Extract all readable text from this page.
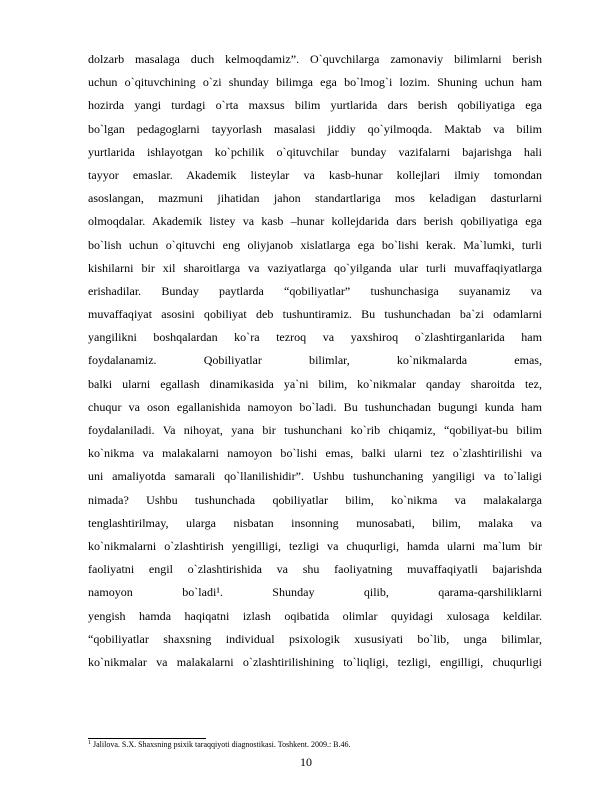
dolzarb masalaga duch kelmoqdamiz”. O`quvchilarga zamonaviy bilimlarni berish
uchun o`qituvchining o`zi shunday bilimga ega bo`lmog`i lozim. Shuning uchun ham
hozirda yangi turdagi o`rta maxsus bilim yurtlarida dars berish qobiliyatiga ega
bo`lgan pedagoglarni tayyorlash masalasi jiddiy qo`yilmoqda. Maktab va bilim
yurtlarida ishlayotgan ko`pchilik o`qituvchilar bunday vazifalarni bajarishga hali
tayyor emaslar. Akademik listeylar va kasb-hunar kollejlari ilmiy tomondan
asoslangan, mazmuni jihatidan jahon standartlariga mos keladigan dasturlarni
olmoqdalar. Akademik listey va kasb –hunar kollejdarida dars berish qobiliyatiga ega
bo`lish uchun o`qituvchi eng oliyjanob xislatlarga ega bo`lishi kerak. Ma`lumki, turli
kishilarni bir xil sharoitlarga va vaziyatlarga qo`yilganda ular turli muvaffaqiyatlarga
erishadilar. Bunday paytlarda “qobiliyatlar” tushunchasiga suyanamiz va
muvaffaqiyat asosini qobiliyat deb tushuntiramiz. Bu tushunchadan ba`zi odamlarni
yangilikni boshqalardan ko`ra tezroq va yaxshiroq o`zlashtirganlarida ham
foydalanamiz. Qobiliyatlar bilimlar, ko`nikmalarda emas,
balki ularni egallash dinamikasida ya`ni bilim, ko`nikmalar qanday sharoitda tez,
chuqur va oson egallanishida namoyon bo`ladi. Bu tushunchadan bugungi kunda ham
foydalaniladi. Va nihoyat, yana bir tushunchani ko`rib chiqamiz, “qobiliyat-bu bilim
ko`nikma va malakalarni namoyon bo`lishi emas, balki ularni tez o`zlashtirilishi va
uni amaliyotda samarali qo`llanilishidir”. Ushbu tushunchaning yangiligi va to`laligi
nimada? Ushbu tushunchada qobiliyatlar bilim, ko`nikma va malakalarga
tenglashtirilmay, ularga nisbatan insonning munosabati, bilim, malaka va
ko`nikmalarni o`zlashtirish yengilligi, tezligi va chuqurligi, hamda ularni ma`lum bir
faoliyatni engil o`zlashtirishida va shu faoliyatning muvaffaqiyatli bajarishda
namoyon bo`ladi¹. Shunday qilib, qarama-qarshiliklarni
yengish hamda haqiqatni izlash oqibatida olimlar quyidagi xulosaga keldilar.
“qobiliyatlar shaxsning individual psixologik xususiyati bo`lib, unga bilimlar,
ko`nikmalar va malakalarni o`zlashtirilishining to`liqligi, tezligi, engilligi, chuqurligi
$^1$ Jalilova. S.X. Shaxsning psixik taraqqiyoti diagnostikasi. Toshkent. 2009.: B.46.
10
